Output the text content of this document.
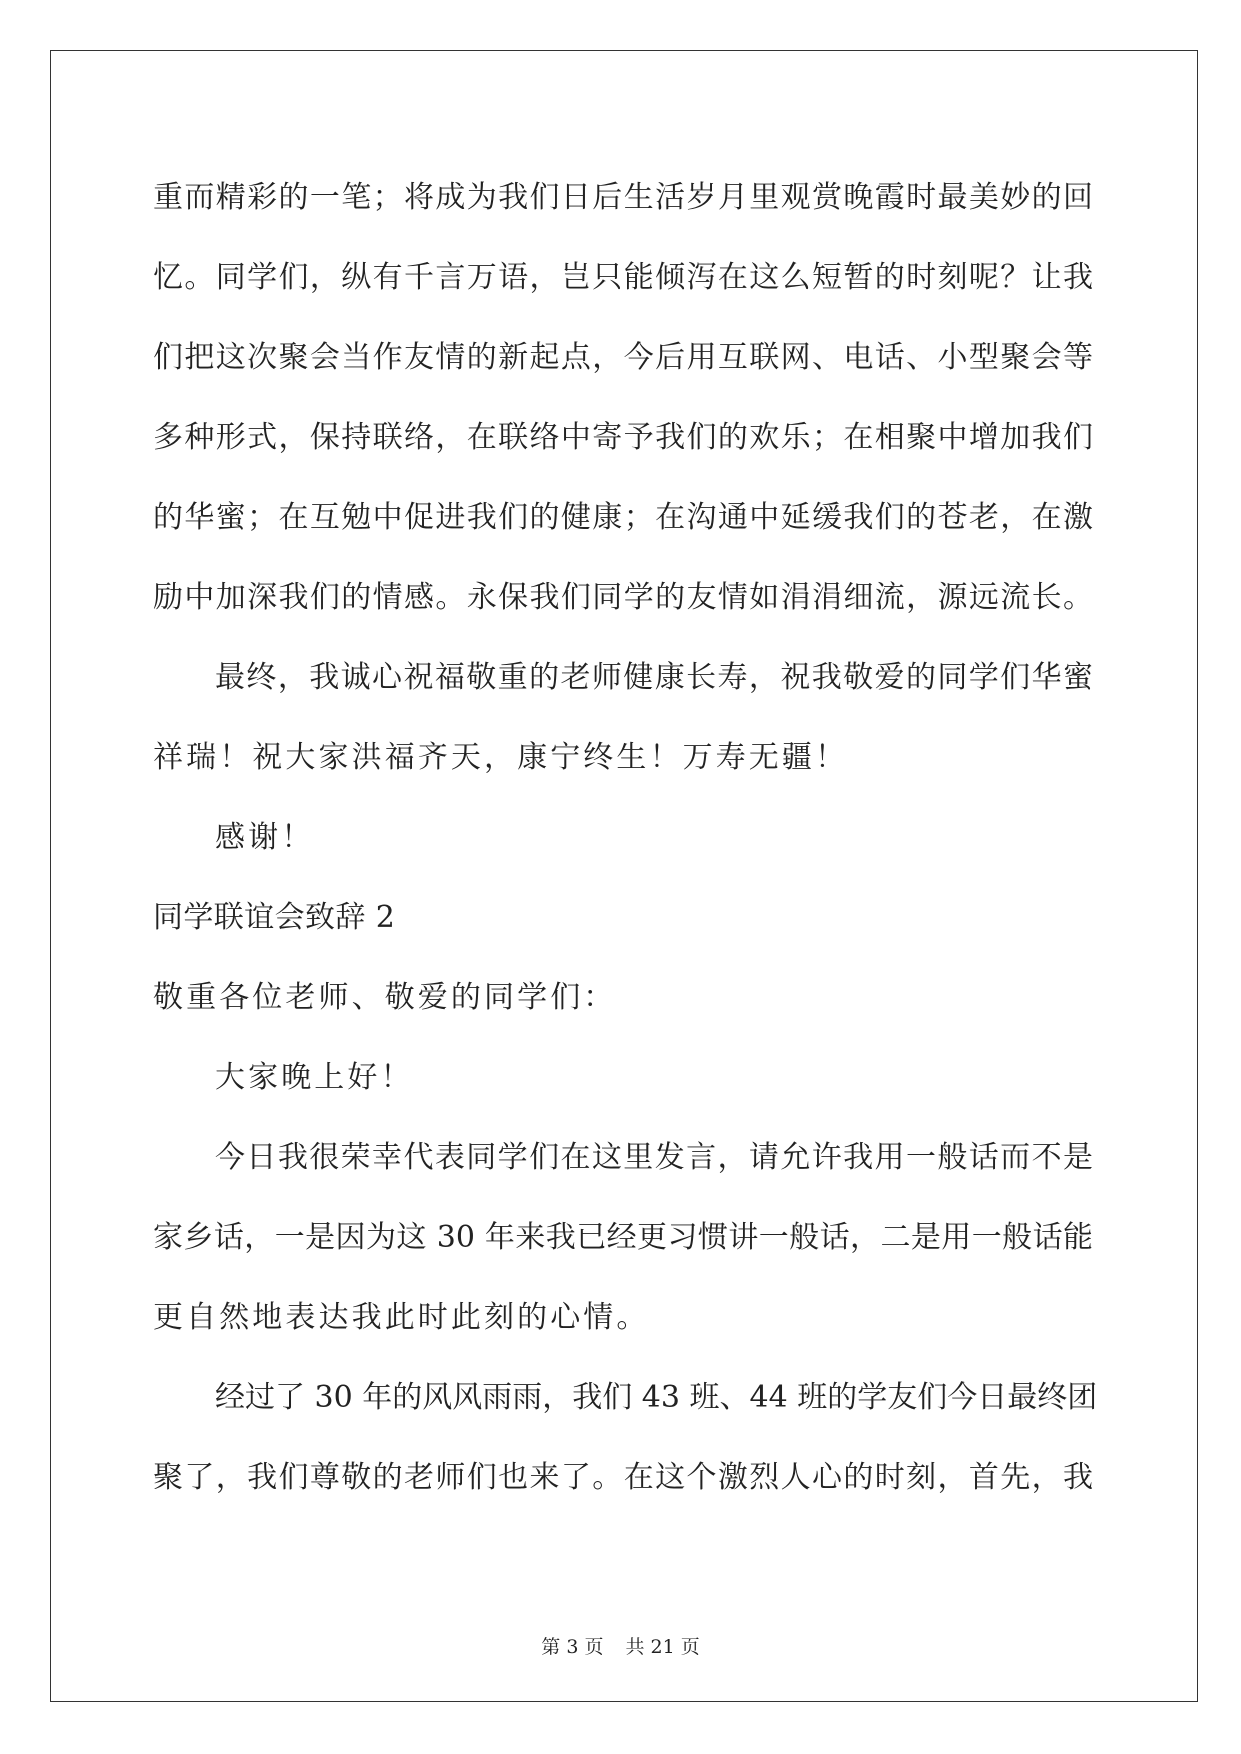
重而精彩的一笔；将成为我们日后生活岁月里观赏晚霞时最美妙的回
忆。同学们，纵有千言万语，岂只能倾泻在这么短暂的时刻呢？让我
们把这次聚会当作友情的新起点，今后用互联网、电话、小型聚会等
多种形式，保持联络，在联络中寄予我们的欢乐；在相聚中增加我们
的华蜜；在互勉中促进我们的健康；在沟通中延缓我们的苍老，在激
励中加深我们的情感。永保我们同学的友情如涓涓细流，源远流长。
最终，我诚心祝福敬重的老师健康长寿，祝我敬爱的同学们华蜜
祥瑞！祝大家洪福齐天，康宁终生！万寿无疆！
感谢！
同学联谊会致辞 2
敬重各位老师、敬爱的同学们：
大家晚上好！
今日我很荣幸代表同学们在这里发言，请允许我用一般话而不是
家乡话，一是因为这 30 年来我已经更习惯讲一般话，二是用一般话能
更自然地表达我此时此刻的心情。
经过了 30 年的风风雨雨，我们 43 班、44 班的学友们今日最终团
聚了，我们尊敬的老师们也来了。在这个激烈人心的时刻，首先，我
第 3 页 共 21 页
